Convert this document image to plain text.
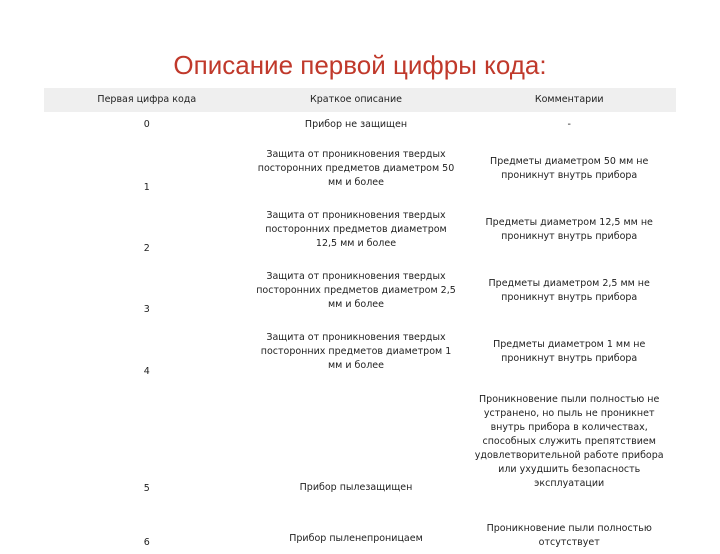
Описание первой цифры кода:
Первая цифра кода	Краткое описание	Комментарии
0	Прибор не защищен	-
1	Защита от проникновения твердых посторонних предметов диаметром 50 мм и более	Предметы диаметром 50 мм не проникнут внутрь прибора
2	Защита от проникновения твердых посторонних предметов диаметром 12,5 мм и более	Предметы диаметром 12,5 мм не проникнут внутрь прибора
3	Защита от проникновения твердых посторонних предметов диаметром 2,5 мм и более	Предметы диаметром 2,5 мм не проникнут внутрь прибора
4	Защита от проникновения твердых посторонних предметов диаметром 1 мм и более	Предметы диаметром 1 мм не проникнут внутрь прибора
5	Прибор пылезащищен	Проникновение пыли полностью не устранено, но пыль не проникнет внутрь прибора в количествах, способных служить препятствием удовлетворительной работе прибора или ухудшить безопасность эксплуатации
6	Прибор пыленепроницаем	Проникновение пыли полностью отсутствует
